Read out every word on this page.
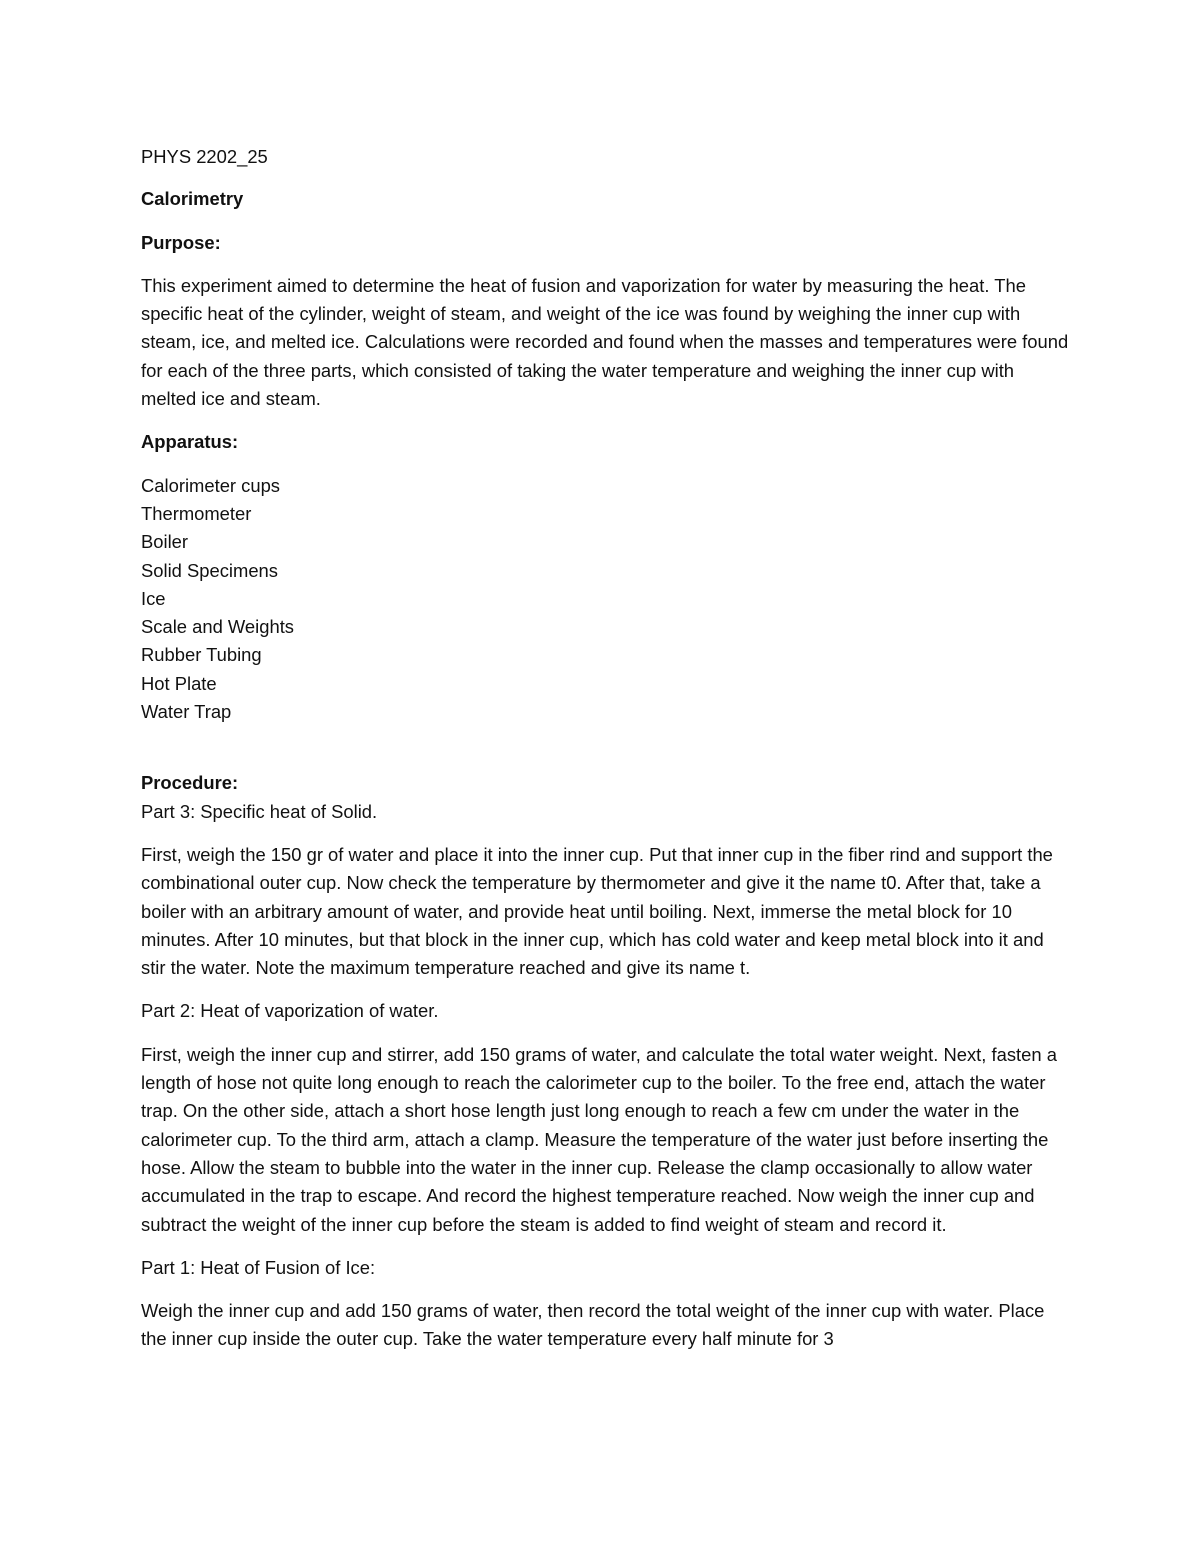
PHYS 2202_25

Calorimetry

Purpose:

This experiment aimed to determine the heat of fusion and vaporization for water by measuring the heat. The specific heat of the cylinder, weight of steam, and weight of the ice was found by weighing the inner cup with steam, ice, and melted ice. Calculations were recorded and found when the masses and temperatures were found for each of the three parts, which consisted of taking the water temperature and weighing the inner cup with melted ice and steam.

Apparatus:

Calorimeter cups
Thermometer
Boiler
Solid Specimens
Ice
Scale and Weights
Rubber Tubing
Hot Plate
Water Trap

Procedure:

Part 3: Specific heat of Solid.

First, weigh the 150 gr of water and place it into the inner cup. Put that inner cup in the fiber rind and support the combinational outer cup. Now check the temperature by thermometer and give it the name t0. After that, take a boiler with an arbitrary amount of water, and provide heat until boiling. Next, immerse the metal block for 10 minutes. After 10 minutes, but that block in the inner cup, which has cold water and keep metal block into it and stir the water. Note the maximum temperature reached and give its name t.

Part 2: Heat of vaporization of water.

First, weigh the inner cup and stirrer, add 150 grams of water, and calculate the total water weight. Next, fasten a length of hose not quite long enough to reach the calorimeter cup to the boiler. To the free end, attach the water trap. On the other side, attach a short hose length just long enough to reach a few cm under the water in the calorimeter cup. To the third arm, attach a clamp. Measure the temperature of the water just before inserting the hose. Allow the steam to bubble into the water in the inner cup. Release the clamp occasionally to allow water accumulated in the trap to escape. And record the highest temperature reached. Now weigh the inner cup and subtract the weight of the inner cup before the steam is added to find weight of steam and record it.

Part 1: Heat of Fusion of Ice:

Weigh the inner cup and add 150 grams of water, then record the total weight of the inner cup with water. Place the inner cup inside the outer cup. Take the water temperature every half minute for 3
